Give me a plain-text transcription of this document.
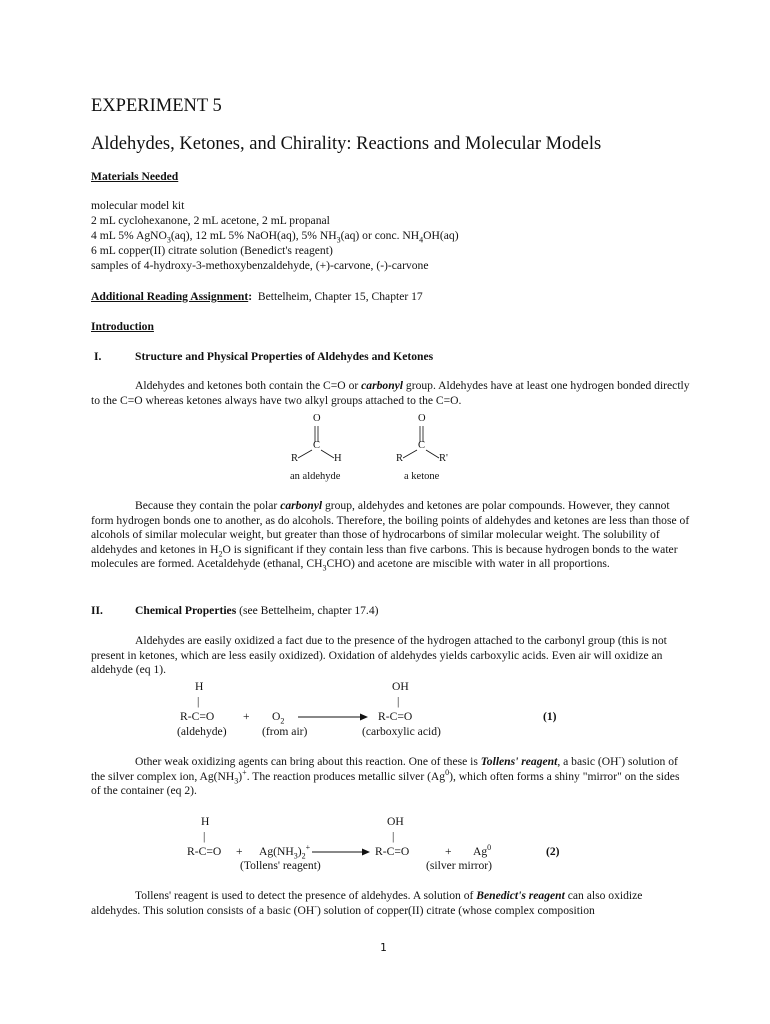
EXPERIMENT 5
Aldehydes, Ketones, and Chirality: Reactions and Molecular Models
Materials Needed
molecular model kit
2 mL cyclohexanone, 2 mL acetone, 2 mL propanal
4 mL 5% AgNO$_3$(aq), 12 mL 5% NaOH(aq), 5% $NH_3(aq)$ or conc. $NH_4OH(aq)$
6 mL copper(II) citrate solution (Benedict's reagent)
samples of 4-hydroxy-3-methoxybenzaldehyde, (+)-carvone, (-)-carvone
Additional Reading Assignment: Bettelheim, Chapter 15, Chapter 17
Introduction
I.	Structure and Physical Properties of Aldehydes and Ketones
Aldehydes and ketones both contain the C=O or carbonyl group. Aldehydes have at least one hydrogen bonded directly to the C=O whereas ketones always have two alkyl groups attached to the C=O.
O
C
R	H
an aldehyde
O
C
R	R'
a ketone
Because they contain the polar carbonyl group, aldehydes and ketones are polar compounds. However, they cannot form hydrogen bonds one to another, as do alcohols. Therefore, the boiling points of aldehydes and ketones are less than those of alcohols of similar molecular weight, but greater than those of hydrocarbons of similar molecular weight. The solubility of aldehydes and ketones in $H_2O$ is significant if they contain less than five carbons. This is because hydrogen bonds to the water molecules are formed. Acetaldehyde (ethanal, $CH_3CHO$) and acetone are miscible with water in all proportions.
II.	Chemical Properties (see Bettelheim, chapter 17.4)
Aldehydes are easily oxidized a fact due to the presence of the hydrogen attached to the carbonyl group (this is not present in ketones, which are less easily oxidized). Oxidation of aldehydes yields carboxylic acids. Even air will oxidize an aldehyde (eq 1).
H
|
$R-C=O + O_2$
OH
|
R-C=O	(1)
(aldehyde)	(from air)	(carboxylic acid)
Other weak oxidizing agents can bring about this reaction. One of these is Tollens' reagent, a basic (OH-) solution of the silver complex ion, $Ag(NH_3)^+$. The reaction produces metallic silver (Ag$^0$), which often forms a shiny "mirror" on the sides of the container (eq 2).
H
|
$R-C=O + Ag(NH_3)_2^+$ →
OH
|
R-C=O	+ $Ag^0$	(2)
(Tollens' reagent)	(silver mirror)
Tollens' reagent is used to detect the presence of aldehydes. A solution of Benedict's reagent can also oxidize aldehydes. This solution consists of a basic (OH-) solution of copper(II) citrate (whose complex composition
1
